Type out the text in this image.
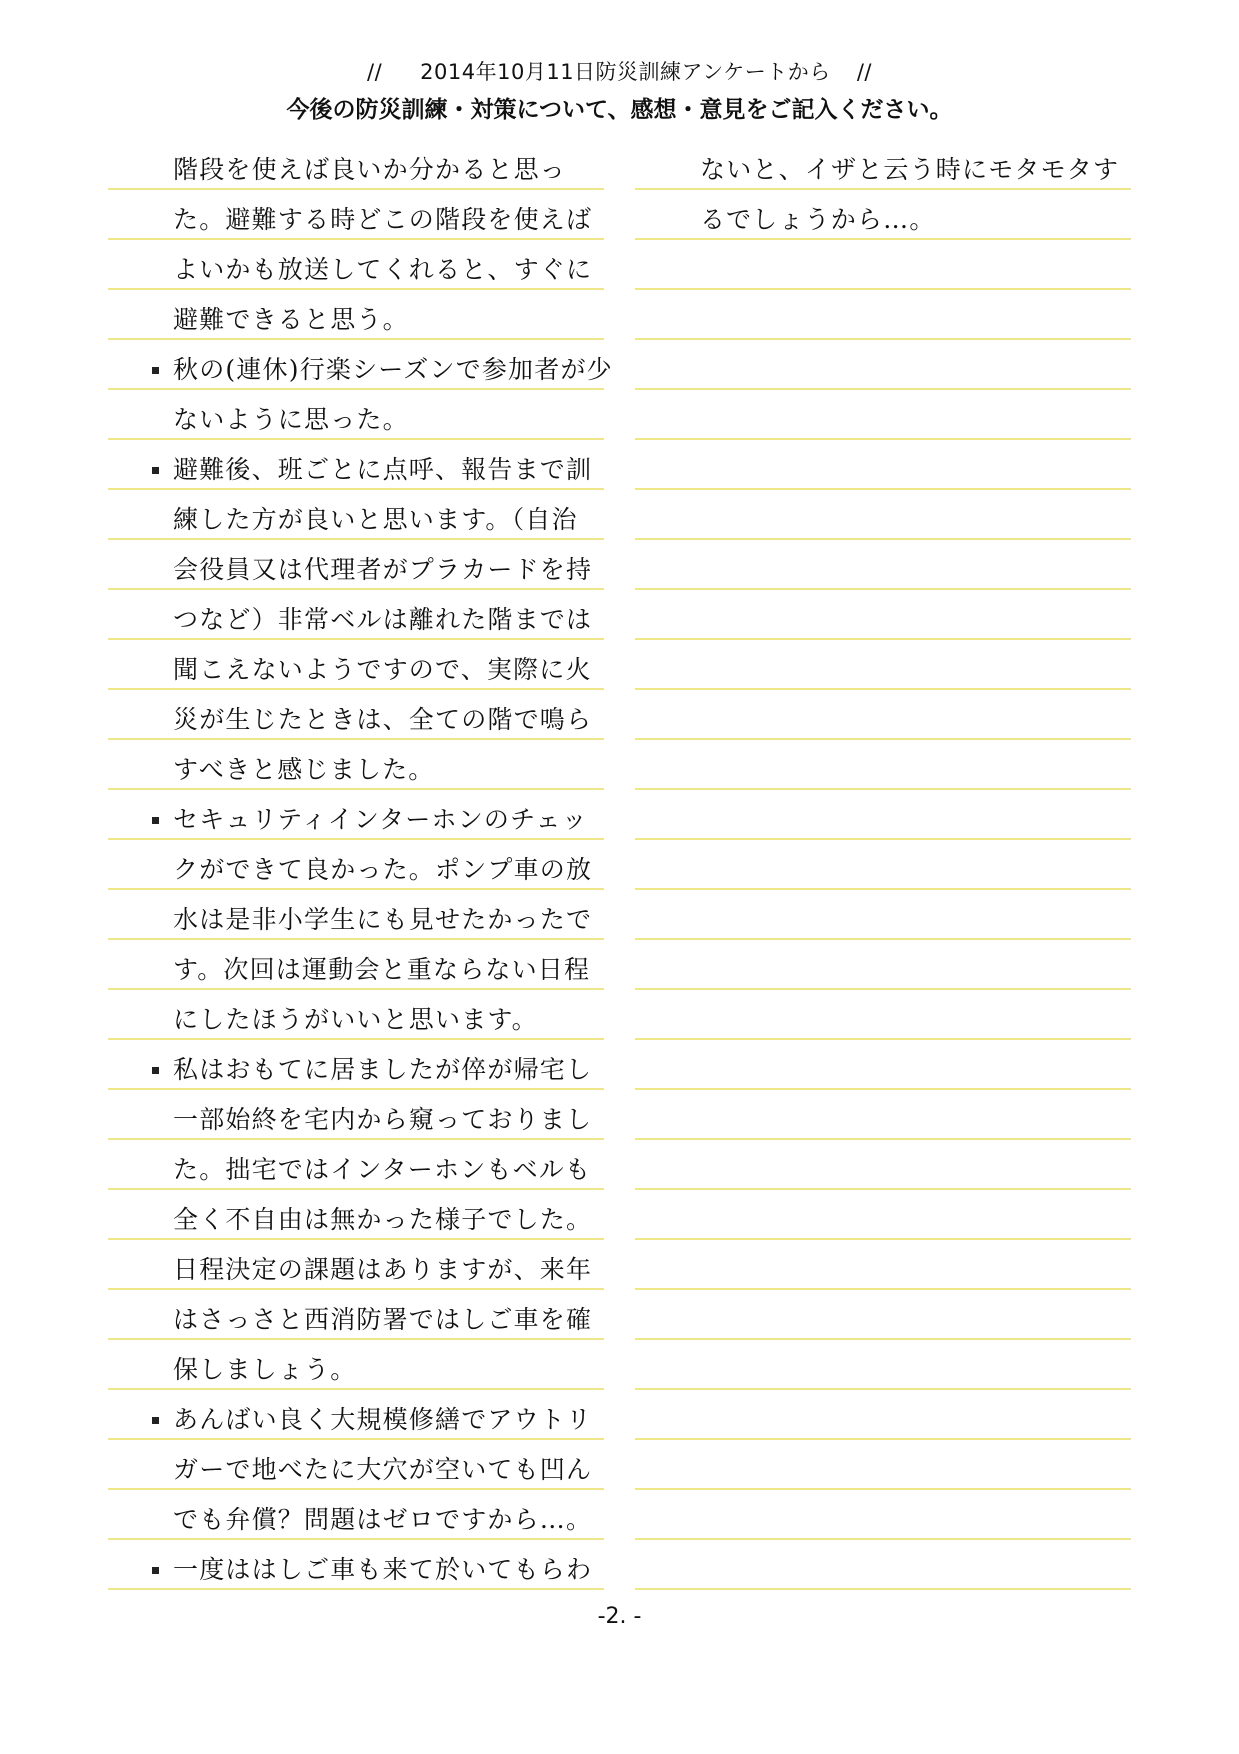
// 2014年10月11日防災訓練アンケートから //
今後の防災訓練・対策について、感想・意見をご記入ください。
階段を使えば良いか分かると思っ
た。避難する時どこの階段を使えば
よいかも放送してくれると、すぐに
避難できると思う。
秋の(連休)行楽シーズンで参加者が少
ないように思った。
避難後、班ごとに点呼、報告まで訓
練した方が良いと思います。（自治
会役員又は代理者がプラカードを持
つなど）非常ベルは離れた階までは
聞こえないようですので、実際に火
災が生じたときは、全ての階で鳴ら
すべきと感じました。
セキュリティインターホンのチェッ
クができて良かった。ポンプ車の放
水は是非小学生にも見せたかったで
す。次回は運動会と重ならない日程
にしたほうがいいと思います。
私はおもてに居ましたが倅が帰宅し
一部始終を宅内から窺っておりまし
た。拙宅ではインターホンもベルも
全く不自由は無かった様子でした。
日程決定の課題はありますが、来年
はさっさと西消防署ではしご車を確
保しましょう。
あんばい良く大規模修繕でアウトリ
ガーで地べたに大穴が空いても凹ん
でも弁償？問題はゼロですから…。
一度ははしご車も来て於いてもらわ
ないと、イザと云う時にモタモタす
るでしょうから…。
-2. -
